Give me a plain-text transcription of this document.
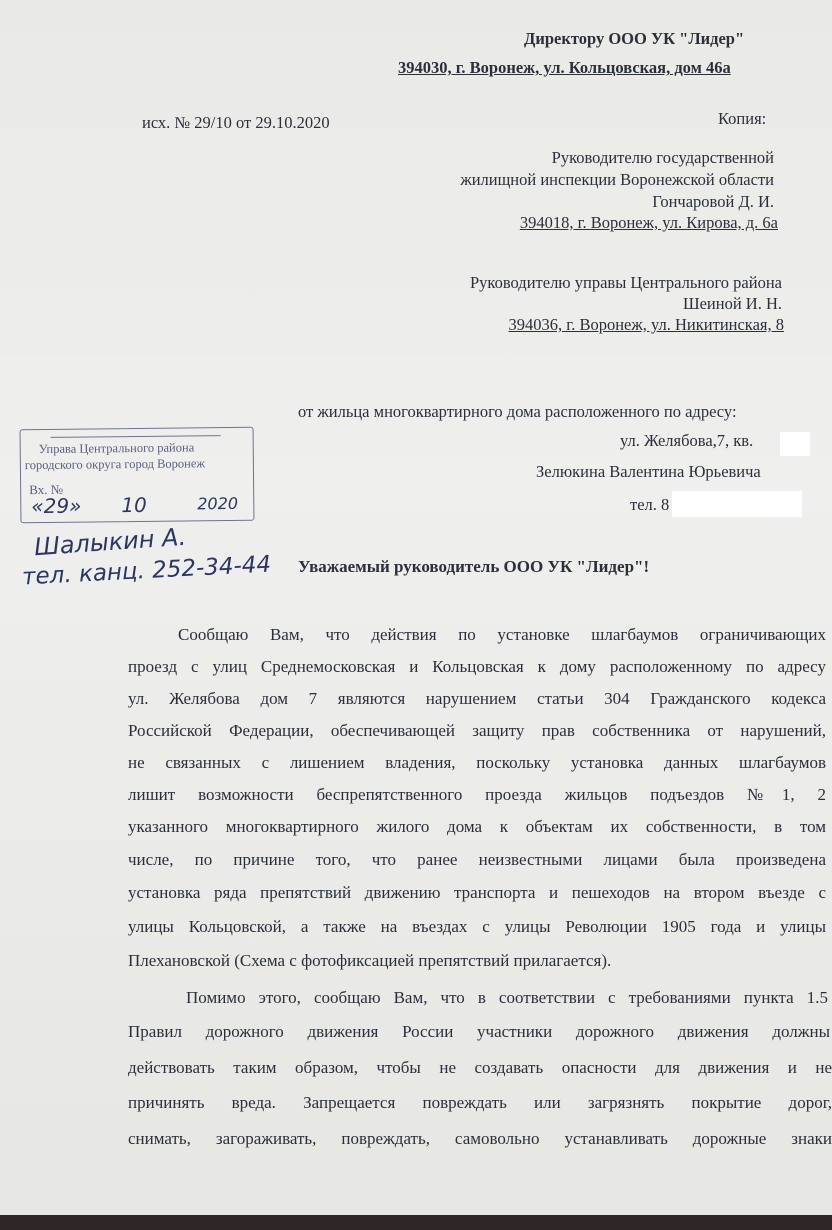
Директору ООО УК "Лидер"
394030, г. Воронеж, ул. Кольцовская, дом 46а
исх. № 29/10 от 29.10.2020	Копия:
Руководителю государственной
жилищной инспекции Воронежской области
Гончаровой Д. И.
394018, г. Воронеж, ул. Кирова, д. 6а
Руководителю управы Центрального района
Шеиной И. Н.
394036, г. Воронеж, ул. Никитинская, 8
от жильца многоквартирного дома расположенного по адресу:
ул. Желябова,7, кв.
Зелюкина Валентина Юрьевича
тел. 8
Управа Центрального района
городского округа город Воронеж
Вх. №
«29» 10	2020
Шалыкин А.
тел. канц. 252-34-44 Уважаемый руководитель ООО УК "Лидер"!
Сообщаю Вам, что действия по установке шлагбаумов ограничивающих
проезд с улиц Среднемосковская и Кольцовская к дому расположенному по адресу
ул. Желябова дом 7 являются нарушением статьи 304 Гражданского кодекса
Российской Федерации, обеспечивающей защиту прав собственника от нарушений,
не связанных с лишением владения, поскольку установка данных шлагбаумов
лишит возможности беспрепятственного проезда жильцов подъездов №1, 2
указанного многоквартирного жилого дома к объектам их собственности, в том
числе, по причине того, что ранее неизвестными лицами была произведена
установка ряда препятствий движению транспорта и пешеходов на втором въезде с
улицы Кольцовской, а также на въездах с улицы Революции 1905 года и улицы
Плехановской (Схема с фотофиксацией препятствий прилагается).
Помимо этого, сообщаю Вам, что в соответствии с требованиями пункта 1.5
Правил дорожного движения России участники дорожного движения должны
действовать таким образом, чтобы не создавать опасности для движения и не
причинять вреда. Запрещается повреждать или загрязнять покрытие дорог,
снимать, загораживать, повреждать, самовольно устанавливать дорожные знаки
